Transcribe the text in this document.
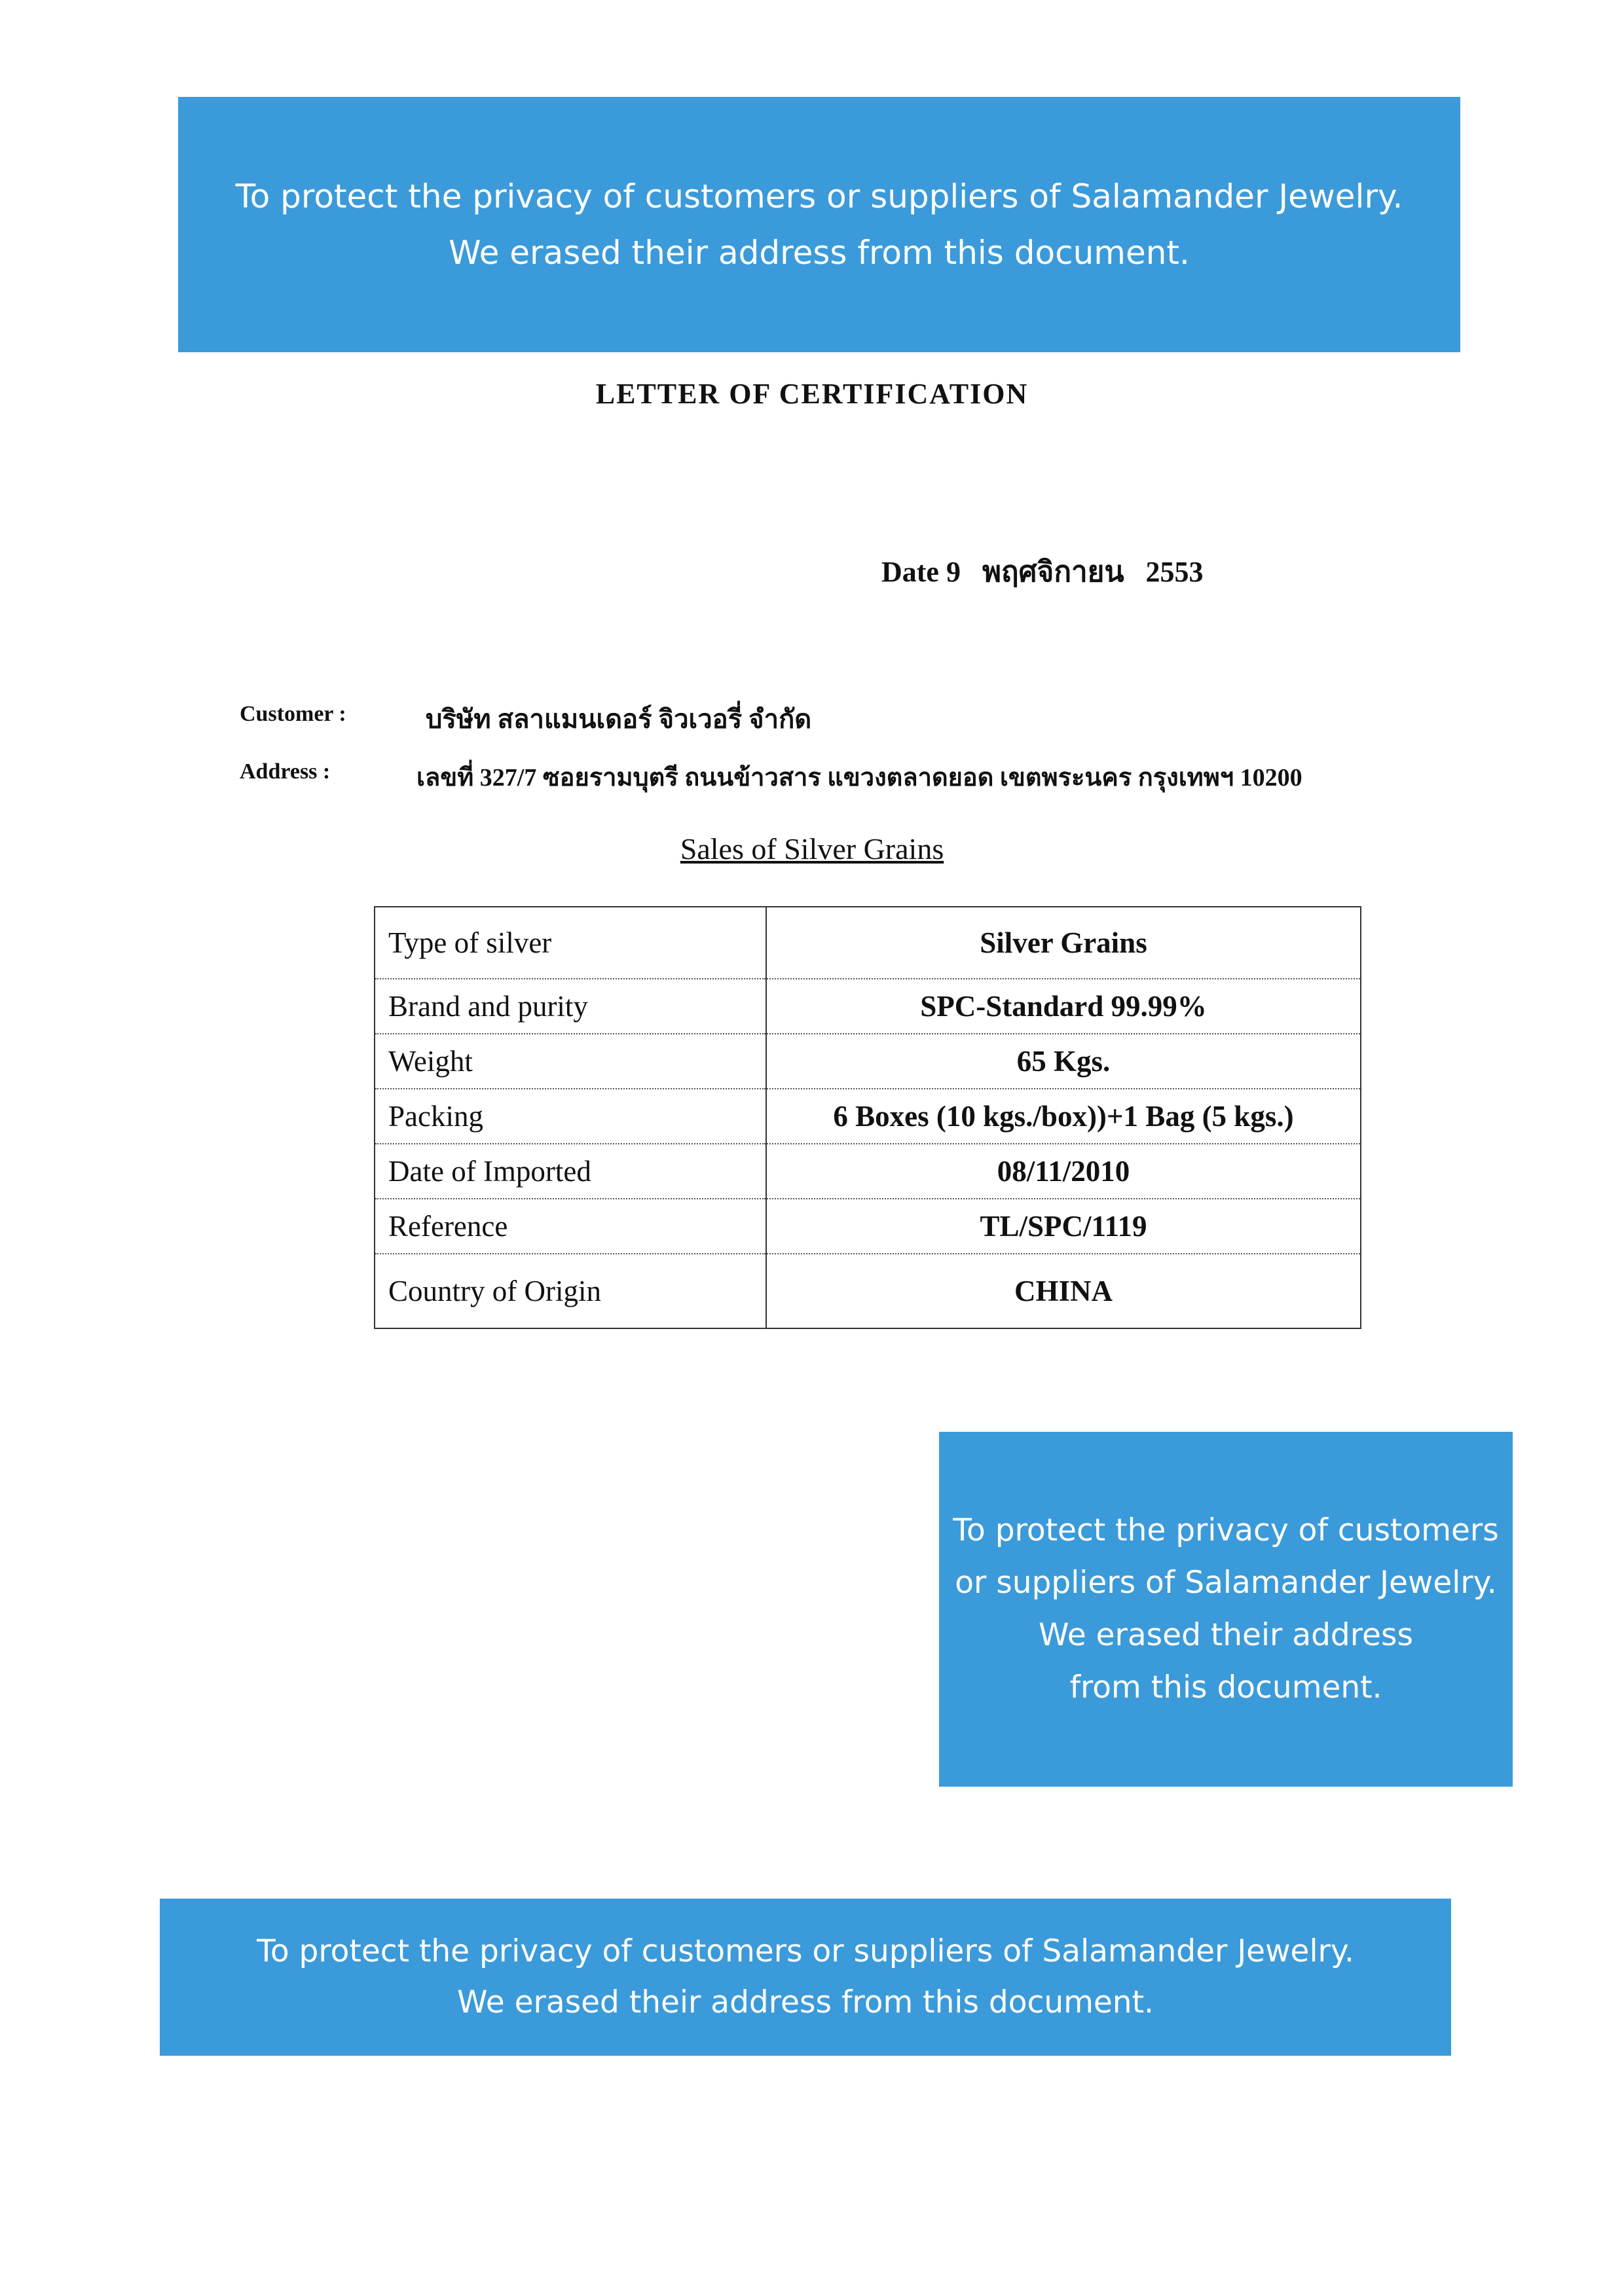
To protect the privacy of customers or suppliers of Salamander Jewelry.
We erased their address from this document.
LETTER OF CERTIFICATION
Date 9 พฤศจิกายน 2553
Customer :	บริษัท สลาแมนเดอร์ จิวเวอรี่ จำกัด
Address :	เลขที่ 327/7 ซอยรามบุตรี ถนนข้าวสาร แขวงตลาดยอด เขตพระนคร กรุงเทพฯ 10200
Sales of Silver Grains
Type of silver	Silver Grains
Brand and purity	SPC-Standard 99.99%
Weight	65 Kgs.
Packing	6 Boxes (10 kgs./box))+1 Bag (5 kgs.)
Date of Imported	08/11/2010
Reference	TL/SPC/1119
Country of Origin	CHINA
To protect the privacy of customers
or suppliers of Salamander Jewelry.
We erased their address
from this document.
To protect the privacy of customers or suppliers of Salamander Jewelry.
We erased their address from this document.
